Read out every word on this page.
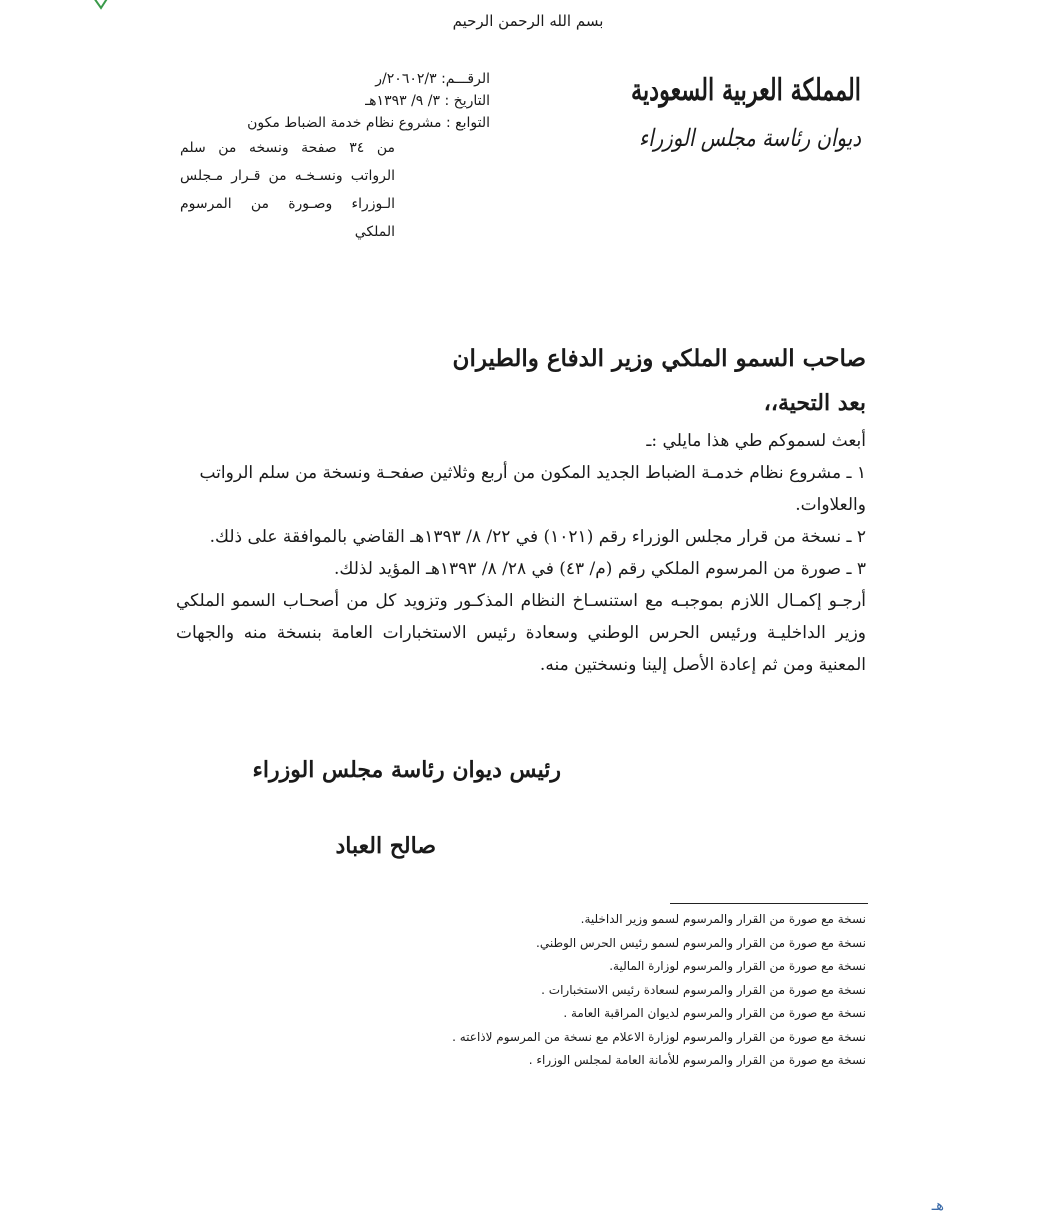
بسم الله الرحمن الرحيم
المملكة العربية السعودية
ديوان رئاسة مجلس الوزراء
الرقـــم: ٢٠٦٠٢/٣/ر
التاريخ : ٣/ ٩/ ١٣٩٣هـ
التوابع : مشروع نظام خدمة الضباط مكون
من ٣٤ صفحة ونسخه من سلم الرواتب ونسـخـه من قـرار مـجلس الـوزراء وصـورة من المرسوم الملكي
صاحب السمو الملكي وزير الدفاع والطيران
بعد التحية،،

أبعث لسموكم طي هذا مايلي :ـ

١ ـ مشروع نظام خدمـة الضباط الجديد المكون من أربع وثلاثين صفحـة ونسخة من سلم الرواتب والعلاوات.

٢ ـ نسخة من قرار مجلس الوزراء رقم (١٠٢١) في ٢٢/ ٨/ ١٣٩٣هـ القاضي بالموافقة على ذلك.

٣ ـ صورة من المرسوم الملكي رقم (م/ ٤٣) في ٢٨/ ٨/ ١٣٩٣هـ المؤيد لذلك.

أرجـو إكمـال اللازم بموجبـه مع استنسـاخ النظام المذكـور وتزويد كل من أصحـاب السمو الملكي وزير الداخليـة ورئيس الحرس الوطني وسعادة رئيس الاستخبارات العامة بنسخة منه والجهات المعنية ومن ثم إعادة الأصل إلينا ونسختين منه.

رئيس ديوان رئاسة مجلس الوزراء
صالح العباد
نسخة مع صورة من القرار والمرسوم لسمو وزير الداخلية.
نسخة مع صورة من القرار والمرسوم لسمو رئيس الحرس الوطني.
نسخة مع صورة من القرار والمرسوم لوزارة المالية.
نسخة مع صورة من القرار والمرسوم لسعادة رئيس الاستخبارات .
نسخة مع صورة من القرار والمرسوم لديوان المراقبة العامة .
نسخة مع صورة من القرار والمرسوم لوزارة الاعلام مع نسخة من المرسوم لاذاعته .
نسخة مع صورة من القرار والمرسوم للأمانة العامة لمجلس الوزراء .
هـ
